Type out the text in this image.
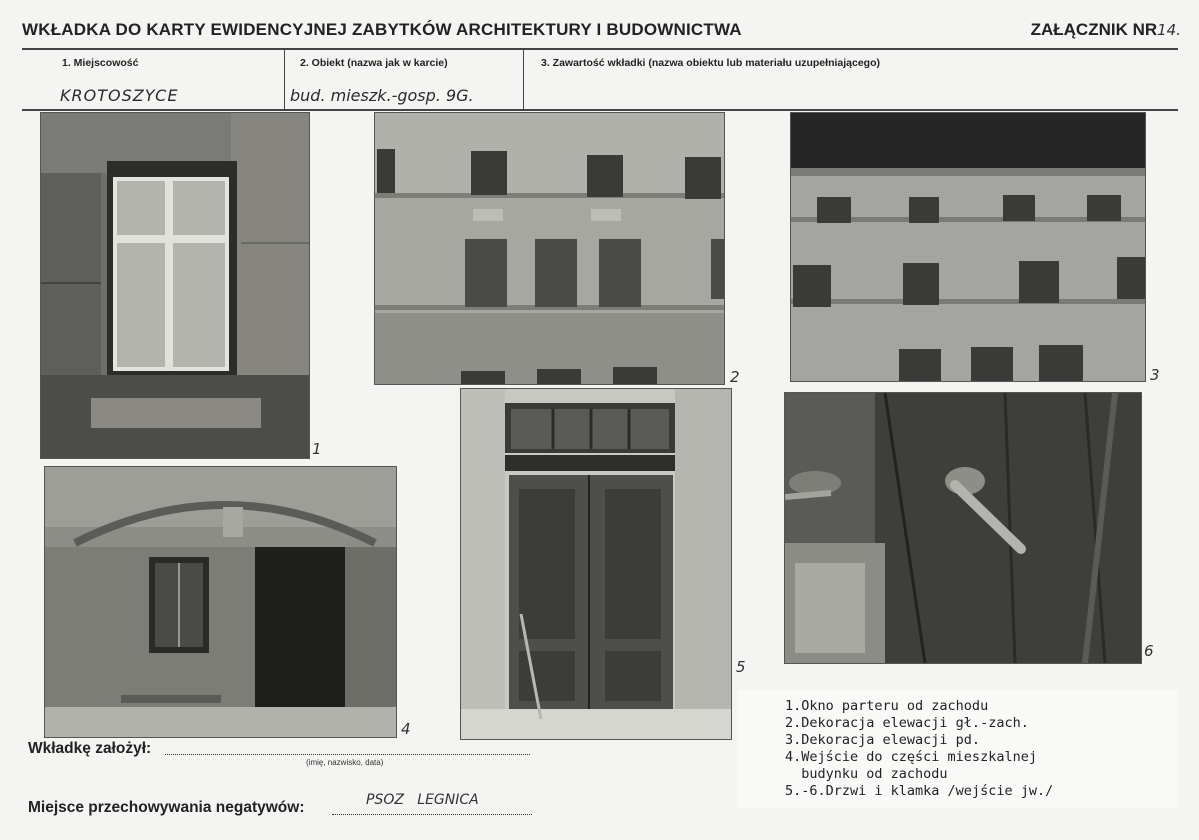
WKŁADKA DO KARTY EWIDENCYJNEJ ZABYTKÓW ARCHITEKTURY I BUDOWNICTWA	ZAŁĄCZNIK NR14.
1. Miejscowość
KROTOSZYCE
2. Obiekt (nazwa jak w karcie)
bud. mieszk.-gosp. 9G.
3. Zawartość wkładki (nazwa obiektu lub materiału uzupełniającego)
1
2	3
4
5
6
1.Okno parteru od zachodu
2.Dekoracja elewacji gł.-zach.
3.Dekoracja elewacji pd.
4.Wejście do części mieszkalnej
budynku od zachodu
5.-6.Drzwi i klamka /wejście jw./
Wkładkę założył:
(imię, nazwisko, data)
Miejsce przechowywania negatywów:	PSOZ   LEGNICA
